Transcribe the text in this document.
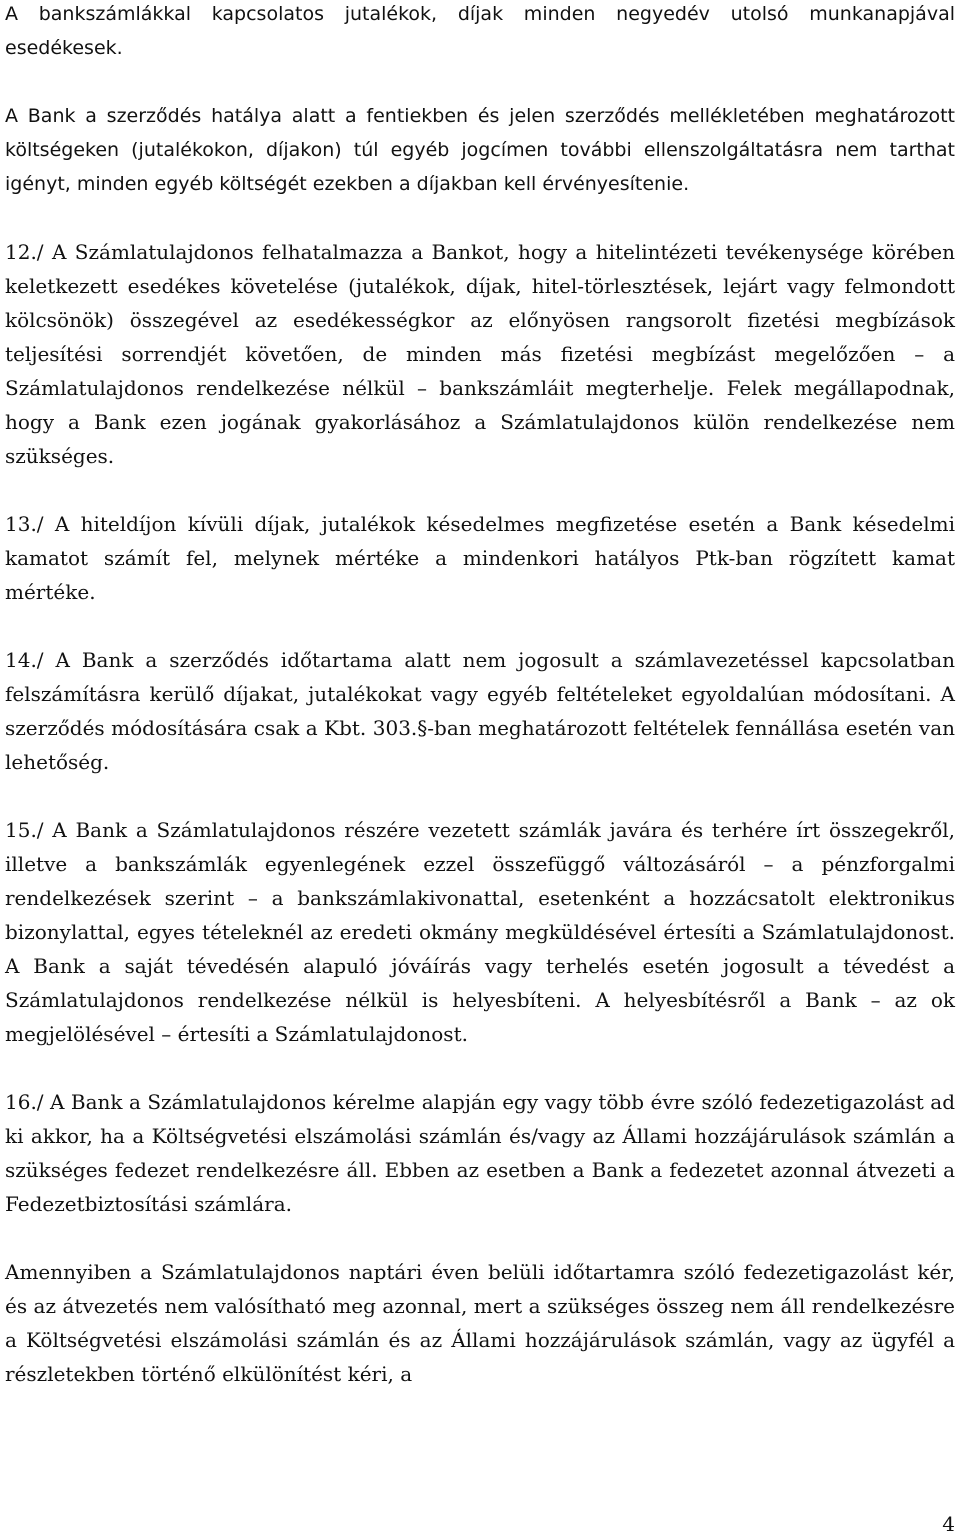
A bankszámlákkal kapcsolatos jutalékok, díjak minden negyedév utolsó munkanapjával esedékesek.

A Bank a szerződés hatálya alatt a fentiekben és jelen szerződés mellékletében meghatározott költségeken (jutalékokon, díjakon) túl egyéb jogcímen további ellenszolgáltatásra nem tarthat igényt, minden egyéb költségét ezekben a díjakban kell érvényesítenie.

12./ A Számlatulajdonos felhatalmazza a Bankot, hogy a hitelintézeti tevékenysége körében keletkezett esedékes követelése (jutalékok, díjak, hitel-törlesztések, lejárt vagy felmondott kölcsönök) összegével az esedékességkor az előnyösen rangsorolt fizetési megbízások teljesítési sorrendjét követően, de minden más fizetési megbízást megelőzően – a Számlatulajdonos rendelkezése nélkül – bankszámláit megterhelje. Felek megállapodnak, hogy a Bank ezen jogának gyakorlásához a Számlatulajdonos külön rendelkezése nem szükséges.

13./ A hiteldíjon kívüli díjak, jutalékok késedelmes megfizetése esetén a Bank késedelmi kamatot számít fel, melynek mértéke a mindenkori hatályos Ptk-ban rögzített kamat mértéke.

14./ A Bank a szerződés időtartama alatt nem jogosult a számlavezetéssel kapcsolatban felszámításra kerülő díjakat, jutalékokat vagy egyéb feltételeket egyoldalúan módosítani. A szerződés módosítására csak a Kbt. 303.§-ban meghatározott feltételek fennállása esetén van lehetőség.

15./ A Bank a Számlatulajdonos részére vezetett számlák javára és terhére írt összegekről, illetve a bankszámlák egyenlegének ezzel összefüggő változásáról – a pénzforgalmi rendelkezések szerint – a bankszámlakivonattal, esetenként a hozzácsatolt elektronikus bizonylattal, egyes tételeknél az eredeti okmány megküldésével értesíti a Számlatulajdonost. A Bank a saját tévedésén alapuló jóváírás vagy terhelés esetén jogosult a tévedést a Számlatulajdonos rendelkezése nélkül is helyesbíteni. A helyesbítésről a Bank – az ok megjelölésével – értesíti a Számlatulajdonost.

16./ A Bank a Számlatulajdonos kérelme alapján egy vagy több évre szóló fedezetigazolást ad ki akkor, ha a Költségvetési elszámolási számlán és/vagy az Állami hozzájárulások számlán a szükséges fedezet rendelkezésre áll. Ebben az esetben a Bank a fedezetet azonnal átvezeti a Fedezetbiztosítási számlára.

Amennyiben a Számlatulajdonos naptári éven belüli időtartamra szóló fedezetigazolást kér, és az átvezetés nem valósítható meg azonnal, mert a szükséges összeg nem áll rendelkezésre a Költségvetési elszámolási számlán és az Állami hozzájárulások számlán, vagy az ügyfél a részletekben történő elkülönítést kéri, a

4
